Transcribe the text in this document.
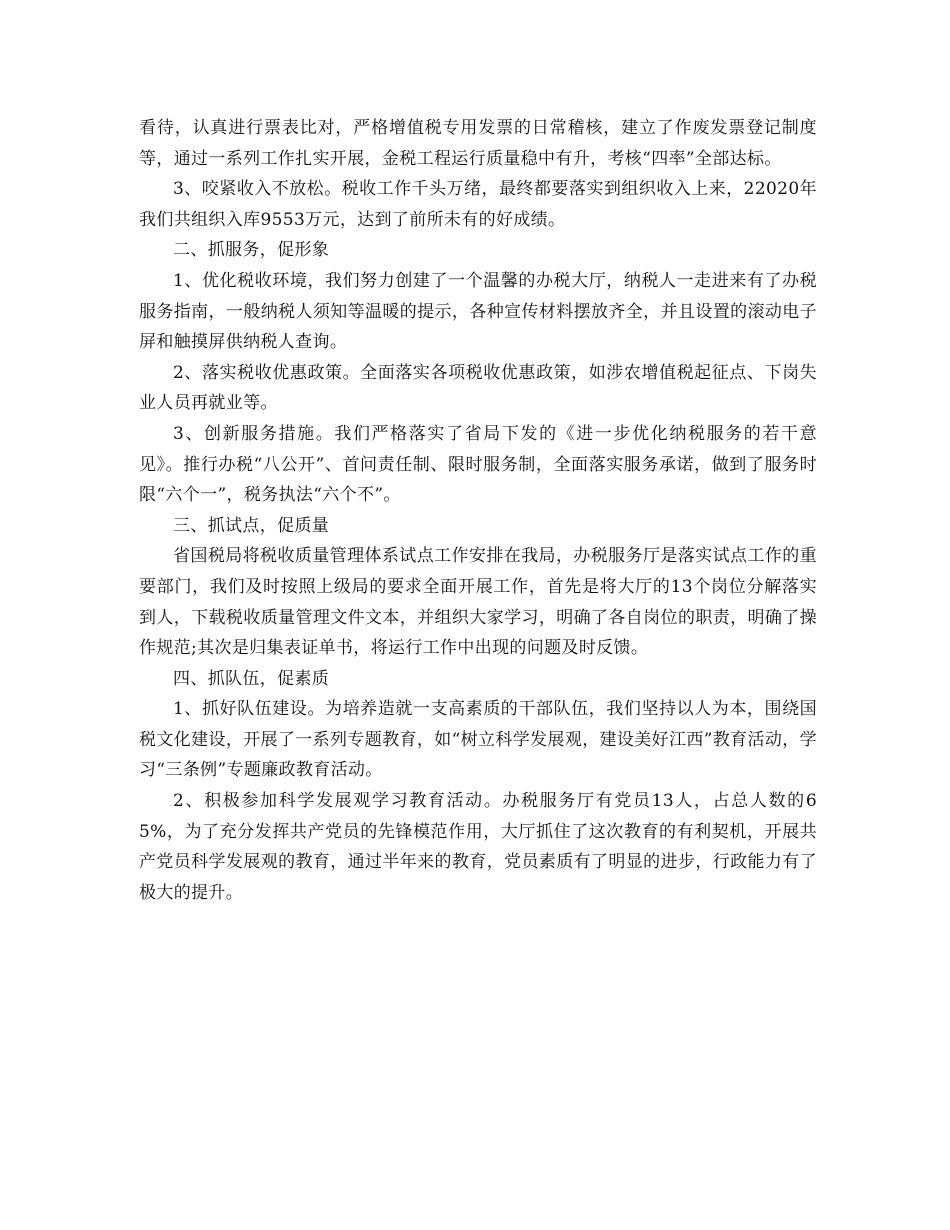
看待，认真进行票表比对，严格增值税专用发票的日常稽核，建立了作废发票登记制度等，通过一系列工作扎实开展，金税工程运行质量稳中有升，考核“四率”全部达标。

3、咬紧收入不放松。税收工作千头万绪，最终都要落实到组织收入上来，22020年我们共组织入库9553万元，达到了前所未有的好成绩。

二、抓服务，促形象

1、优化税收环境，我们努力创建了一个温馨的办税大厅，纳税人一走进来有了办税服务指南，一般纳税人须知等温暖的提示，各种宣传材料摆放齐全，并且设置的滚动电子屏和触摸屏供纳税人查询。

2、落实税收优惠政策。全面落实各项税收优惠政策，如涉农增值税起征点、下岗失业人员再就业等。

3、创新服务措施。我们严格落实了省局下发的《进一步优化纳税服务的若干意见》。推行办税“八公开”、首问责任制、限时服务制，全面落实服务承诺，做到了服务时限“六个一”，税务执法“六个不”。

三、抓试点，促质量

省国税局将税收质量管理体系试点工作安排在我局，办税服务厅是落实试点工作的重要部门，我们及时按照上级局的要求全面开展工作，首先是将大厅的13个岗位分解落实到人，下载税收质量管理文件文本，并组织大家学习，明确了各自岗位的职责，明确了操作规范;其次是归集表证单书，将运行工作中出现的问题及时反馈。

四、抓队伍，促素质

1、抓好队伍建设。为培养造就一支高素质的干部队伍，我们坚持以人为本，围绕国税文化建设，开展了一系列专题教育，如“树立科学发展观，建设美好江西”教育活动，学习“三条例”专题廉政教育活动。

2、积极参加科学发展观学习教育活动。办税服务厅有党员13人，占总人数的65%，为了充分发挥共产党员的先锋模范作用，大厅抓住了这次教育的有利契机，开展共产党员科学发展观的教育，通过半年来的教育，党员素质有了明显的进步，行政能力有了极大的提升。
